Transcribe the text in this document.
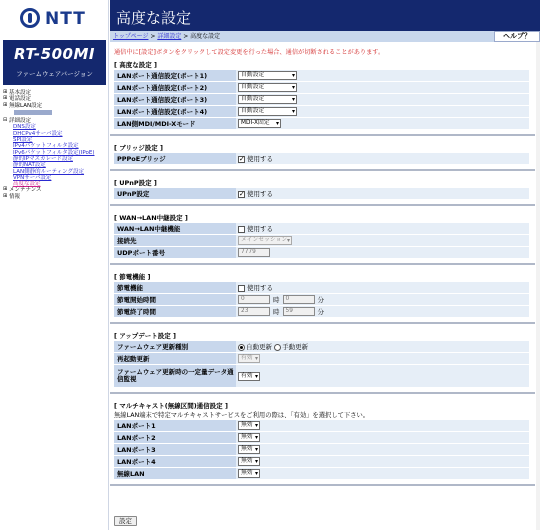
NTT
RT-500MI
ファームウェアバージョン
⊞ 基本設定
⊞ 電話設定
⊞ 無線LAN設定
⊟ 詳細設定
DNS設定
DHCPv4サーバ設定
SPI設定
IPv4パケットフィルタ設定
IPv6パケットフィルタ設定(IPoE)
静的IPマスカレード設定
静的NAT設定
LAN側静的ルーティング設定
VPNサーバ設定
高度な設定
⊞ メンテナンス
⊞ 情報
高度な設定
トップページ > 詳細設定 > 高度な設定	ヘルプ？
通信中に[設定]ボタンをクリックして設定変更を行った場合、通信が切断されることがあります。
[ 高度な設定 ]
LANポート通信設定(ポート1)	自動設定 ▾
LANポート通信設定(ポート2)	自動設定 ▾
LANポート通信設定(ポート3)	自動設定 ▾
LANポート通信設定(ポート4)	自動設定 ▾
LAN側MDI/MDI-Xモード	MDI-X固定 ▾
[ ブリッジ設定 ]
PPPoEブリッジ	✓使用する
[ UPnP設定 ]
UPnP設定	✓使用する
[ WAN→LAN中継設定 ]
WAN→LAN中継機能	使用する
接続先	メインセッション ▾
UDPポート番号	7779
[ 節電機能 ]
節電機能	使用する
節電開始時間	0 時 0 分
節電終了時間	23 時 59 分
[ アップデート設定 ]
ファームウェア更新種別	自動更新 手動更新
再起動更新	有効 ▾
ファームウェア更新時の一定量データ通信監視	有効 ▾
[ マルチキャスト(無線区間)通信設定 ]
無線LAN端末で特定マルチキャストサービスをご利用の際は、「有効」を選択して下さい。
LANポート1	無効 ▾
LANポート2	無効 ▾
LANポート3	無効 ▾
LANポート4	無効 ▾
無線LAN	無効 ▾
設定
